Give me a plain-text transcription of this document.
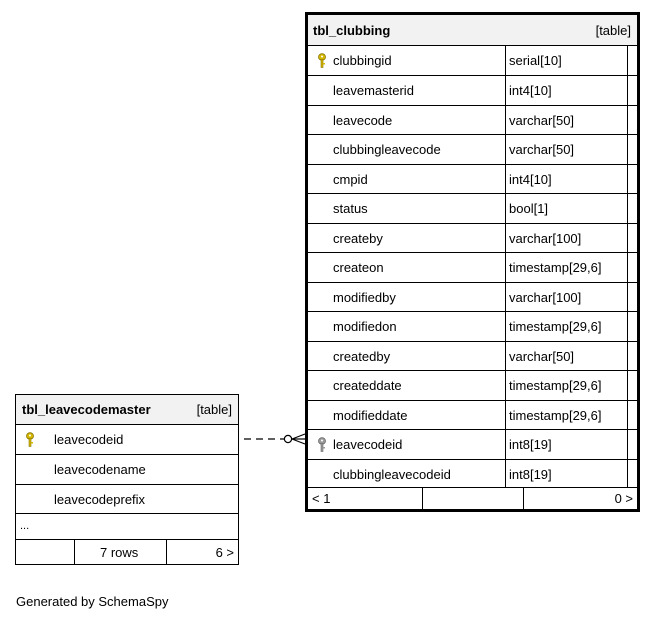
tbl_leavecodemaster	[table]
leavecodeid
leavecodename
leavecodeprefix
...
7 rows	6 >
tbl_clubbing	[table]
clubbingid	serial[10]
leavemasterid	int4[10]
leavecode	varchar[50]
clubbingleavecode	varchar[50]
cmpid	int4[10]
status	bool[1]
createby	varchar[100]
createon	timestamp[29,6]
modifiedby	varchar[100]
modifiedon	timestamp[29,6]
createdby	varchar[50]
createddate	timestamp[29,6]
modifieddate	timestamp[29,6]
leavecodeid	int8[19]
clubbingleavecodeid	int8[19]
< 1	0 >
Generated by SchemaSpy
